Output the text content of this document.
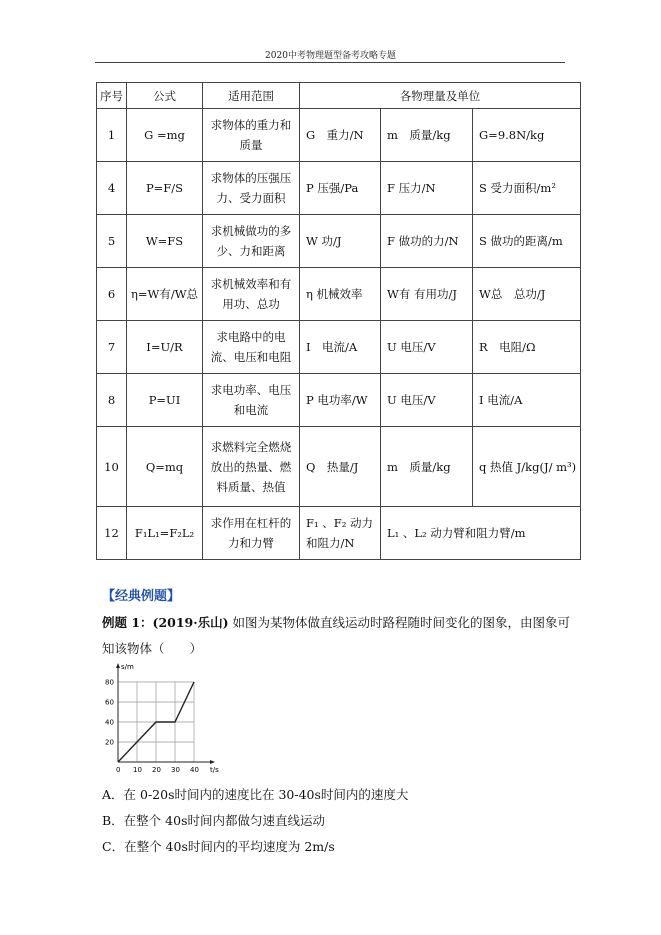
2020中考物理题型备考攻略专题
序号	公式	适用范围	各物理量及单位		
1	G =mg	求物体的重力和质量	G　重力/N	m　质量/kg	G=9.8N/kg
4	P=F/S	求物体的压强压力、受力面积	P 压强/Pa	F 压力/N	S 受力面积/m²
5	W=FS	求机械做功的多少、力和距离	W 功/J	F 做功的力/N	S 做功的距离/m
6	η=W有/W总	求机械效率和有用功、总功	η 机械效率	W有 有用功/J	W总　总功/J
7	I=U/R	求电路中的电流、电压和电阻	I　电流/A	U 电压/V	R　电阻/Ω
8	P=UI	求电功率、电压和电流	P 电功率/W	U 电压/V	I 电流/A
10	Q=mq	求燃料完全燃烧放出的热量、燃料质量、热值	Q　热量/J	m　质量/kg	q 热值 J/kg(J/ m³)
12	F₁L₁=F₂L₂	求作用在杠杆的力和力臂	F₁ 、F₂ 动力和阻力/N	L₁ 、L₂ 动力臂和阻力臂/m	
【经典例题】
例题 1：(2019·乐山) 如图为某物体做直线运动时路程随时间变化的图象，由图象可知该物体（　　）
s/m
t/s
0 10 20 30 40
20
40
60
80
A．在 0-20s时间内的速度比在 30-40s时间内的速度大
B．在整个 40s时间内都做匀速直线运动
C．在整个 40s时间内的平均速度为 2m/s
